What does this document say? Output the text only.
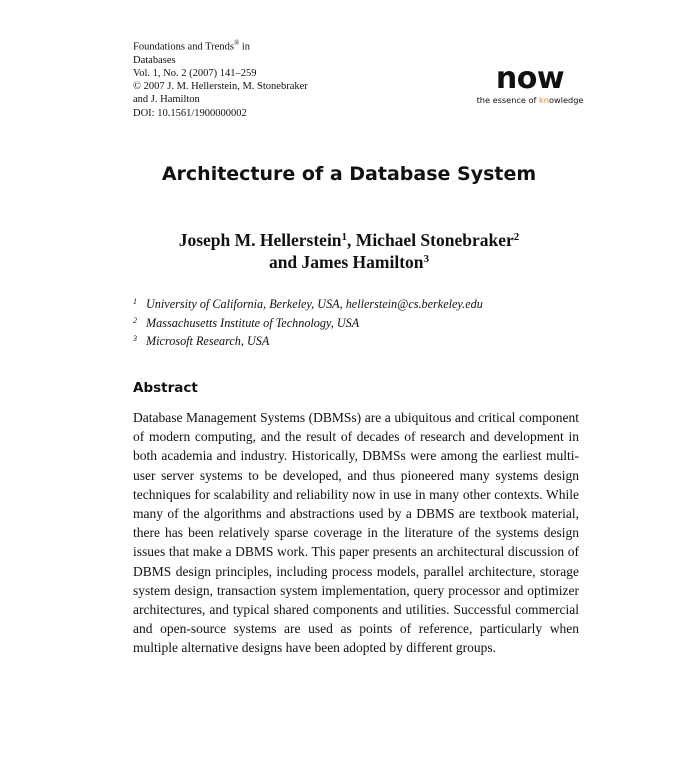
Foundations and Trends® in
Databases
Vol. 1, No. 2 (2007) 141–259
© 2007 J. M. Hellerstein, M. Stonebraker
and J. Hamilton
DOI: 10.1561/1900000002
now
the essence of knowledge
Architecture of a Database System
Joseph M. Hellerstein$^1$, Michael Stonebraker$^2$
and James Hamilton$^3$
1 University of California, Berkeley, USA, hellerstein@cs.berkeley.edu
2 Massachusetts Institute of Technology, USA
3 Microsoft Research, USA
Abstract
Database Management Systems (DBMSs) are a ubiquitous and critical component of modern computing, and the result of decades of research and development in both academia and industry. Historically, DBMSs were among the earliest multi-user server systems to be developed, and thus pioneered many systems design techniques for scalability and reliability now in use in many other contexts. While many of the algorithms and abstractions used by a DBMS are textbook material, there has been relatively sparse coverage in the literature of the systems design issues that make a DBMS work. This paper presents an architectural discussion of DBMS design principles, including process models, parallel architecture, storage system design, transaction system implementation, query processor and optimizer architectures, and typical shared components and utilities. Successful commercial and open-source systems are used as points of reference, particularly when multiple alternative designs have been adopted by different groups.
